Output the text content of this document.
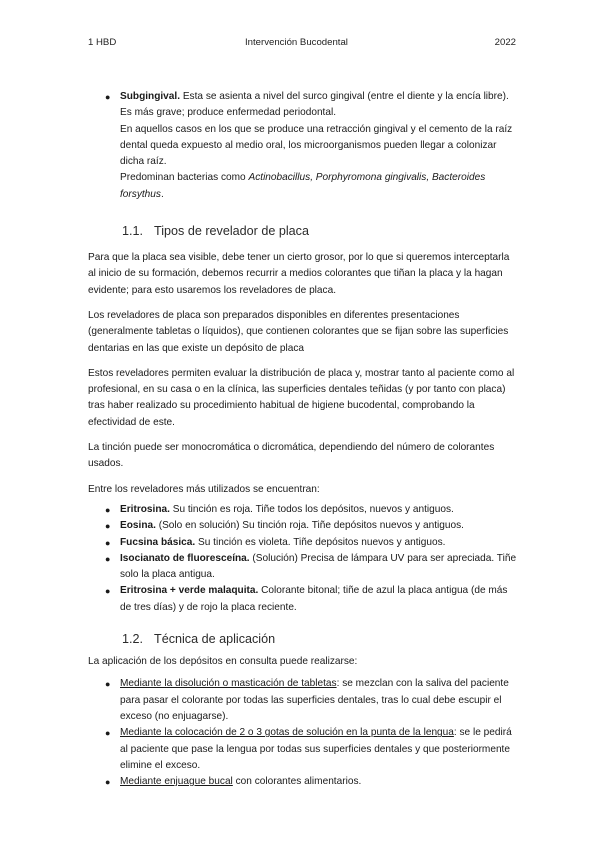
1 HBD	Intervención Bucodental	2022
● Subgingival. Esta se asienta a nivel del surco gingival (entre el diente y la encía libre). Es más grave; produce enfermedad periodontal.

En aquellos casos en los que se produce una retracción gingival y el cemento de la raíz dental queda expuesto al medio oral, los microorganismos pueden llegar a colonizar dicha raíz.

Predominan bacterias como Actinobacillus, Porphyromona gingivalis, Bacteroides forsythus.

1.1. Tipos de revelador de placa

Para que la placa sea visible, debe tener un cierto grosor, por lo que si queremos interceptarla al inicio de su formación, debemos recurrir a medios colorantes que tiñan la placa y la hagan evidente; para esto usaremos los reveladores de placa.

Los reveladores de placa son preparados disponibles en diferentes presentaciones (generalmente tabletas o líquidos), que contienen colorantes que se fijan sobre las superficies dentarias en las que existe un depósito de placa

Estos reveladores permiten evaluar la distribución de placa y, mostrar tanto al paciente como al profesional, en su casa o en la clínica, las superficies dentales teñidas (y por tanto con placa) tras haber realizado su procedimiento habitual de higiene bucodental, comprobando la efectividad de este.

La tinción puede ser monocromática o dicromática, dependiendo del número de colorantes usados.

Entre los reveladores más utilizados se encuentran:

● Eritrosina. Su tinción es roja. Tiñe todos los depósitos, nuevos y antiguos.
● Eosina. (Solo en solución) Su tinción roja. Tiñe depósitos nuevos y antiguos.
● Fucsina básica. Su tinción es violeta. Tiñe depósitos nuevos y antiguos.
● Isocianato de fluoresceína. (Solución) Precisa de lámpara UV para ser apreciada. Tiñe solo la placa antigua.
● Eritrosina + verde malaquita. Colorante bitonal; tiñe de azul la placa antigua (de más de tres días) y de rojo la placa reciente.
1.2. Técnica de aplicación

La aplicación de los depósitos en consulta puede realizarse:

● Mediante la disolución o masticación de tabletas: se mezclan con la saliva del paciente para pasar el colorante por todas las superficies dentales, tras lo cual debe escupir el exceso (no enjuagarse).
● Mediante la colocación de 2 o 3 gotas de solución en la punta de la lengua: se le pedirá al paciente que pase la lengua por todas sus superficies dentales y que posteriormente elimine el exceso.
● Mediante enjuague bucal con colorantes alimentarios.
